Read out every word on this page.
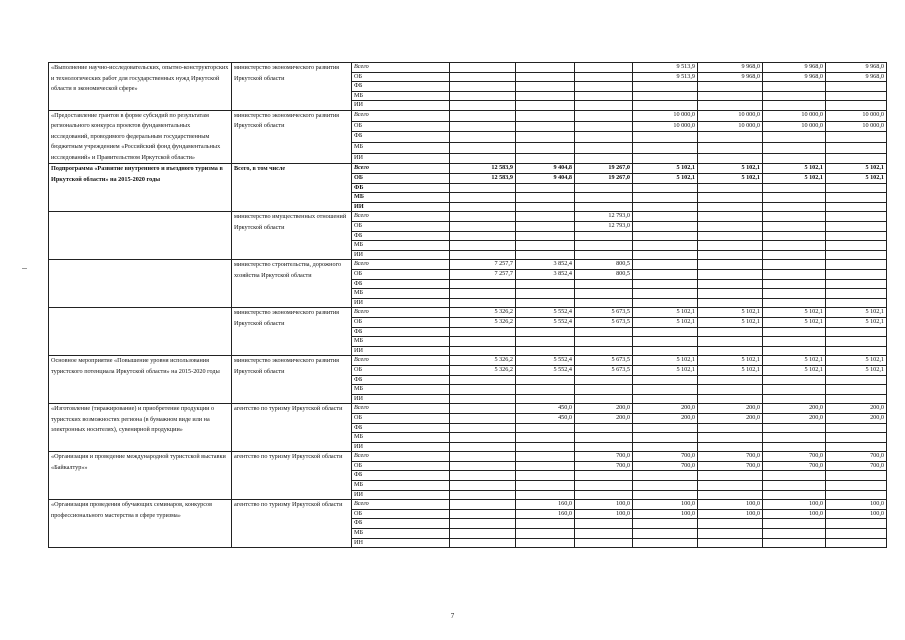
«Выполнение научно-исследовательских, опытно-конструкторских и технологических работ для государственных нужд Иркутской области в экономической сфере»	министерство экономического развития Иркутской области	Всего				9 513,9	9 968,0	9 968,0	9 968,0
		ОБ				9 513,9	9 968,0	9 968,0	9 968,0
		ФБ							
		МБ							
		ИИ							
«Предоставление грантов в форме субсидий по результатам регионального конкурса проектов фундаментальных исследований, проводимого федеральным государственным бюджетным учреждением «Российский фонд фундаментальных исследований» и Правительством Иркутской области»	министерство экономического развития Иркутской области	Всего				10 000,0	10 000,0	10 000,0	10 000,0
		ОБ				10 000,0	10 000,0	10 000,0	10 000,0
		ФБ							
		МБ							
		ИИ							
Подпрограмма «Развитие внутреннего и въездного туризма в Иркутской области» на 2015-2020 годы	Всего, в том числе	Всего	12 583,9	9 404,8	19 267,0	5 102,1	5 102,1	5 102,1	5 102,1
		ОБ	12 583,9	9 404,8	19 267,0	5 102,1	5 102,1	5 102,1	5 102,1
		ФБ							
		МБ							
		ИИ							
	министерство имущественных отношений Иркутской области	Всего			12 793,0				
		ОБ			12 793,0				
		ФБ							
		МБ							
		ИИ							
	министерство строительства, дорожного хозяйства Иркутской области	Всего	7 257,7	3 852,4	800,5				
		ОБ	7 257,7	3 852,4	800,5				
		ФБ							
		МБ							
		ИИ							
	министерство экономического развития Иркутской области	Всего	5 326,2	5 552,4	5 673,5	5 102,1	5 102,1	5 102,1	5 102,1
		ОБ	5 326,2	5 552,4	5 673,5	5 102,1	5 102,1	5 102,1	5 102,1
		ФБ							
		МБ							
		ИИ							
Основное мероприятие «Повышение уровня использования туристского потенциала Иркутской области» на 2015-2020 годы	министерство экономического развития Иркутской области	Всего	5 326,2	5 552,4	5 673,5	5 102,1	5 102,1	5 102,1	5 102,1
		ОБ	5 326,2	5 552,4	5 673,5	5 102,1	5 102,1	5 102,1	5 102,1
		ФБ							
		МБ							
		ИИ							
«Изготовление (тиражирование) и приобретение продукции о туристских возможностях региона (в бумажном виде или на электронных носителях), сувенирной продукции»	агентство по туризму Иркутской области	Всего		450,0	200,0	200,0	200,0	200,0	200,0
		ОБ		450,0	200,0	200,0	200,0	200,0	200,0
		ФБ							
		МБ							
		ИИ							
«Организация и проведение международной туристской выставки «Байкалтур»»	агентство по туризму Иркутской области	Всего			700,0	700,0	700,0	700,0	700,0
		ОБ			700,0	700,0	700,0	700,0	700,0
		ФБ							
		МБ							
		ИИ							
«Организация проведения обучающих семинаров, конкурсов профессионального мастерства в сфере туризма»	агентство по туризму Иркутской области	Всего		160,0	100,0	100,0	100,0	100,0	100,0
		ОБ		160,0	100,0	100,0	100,0	100,0	100,0
		ФБ							
		МБ							
		ИН							
7
